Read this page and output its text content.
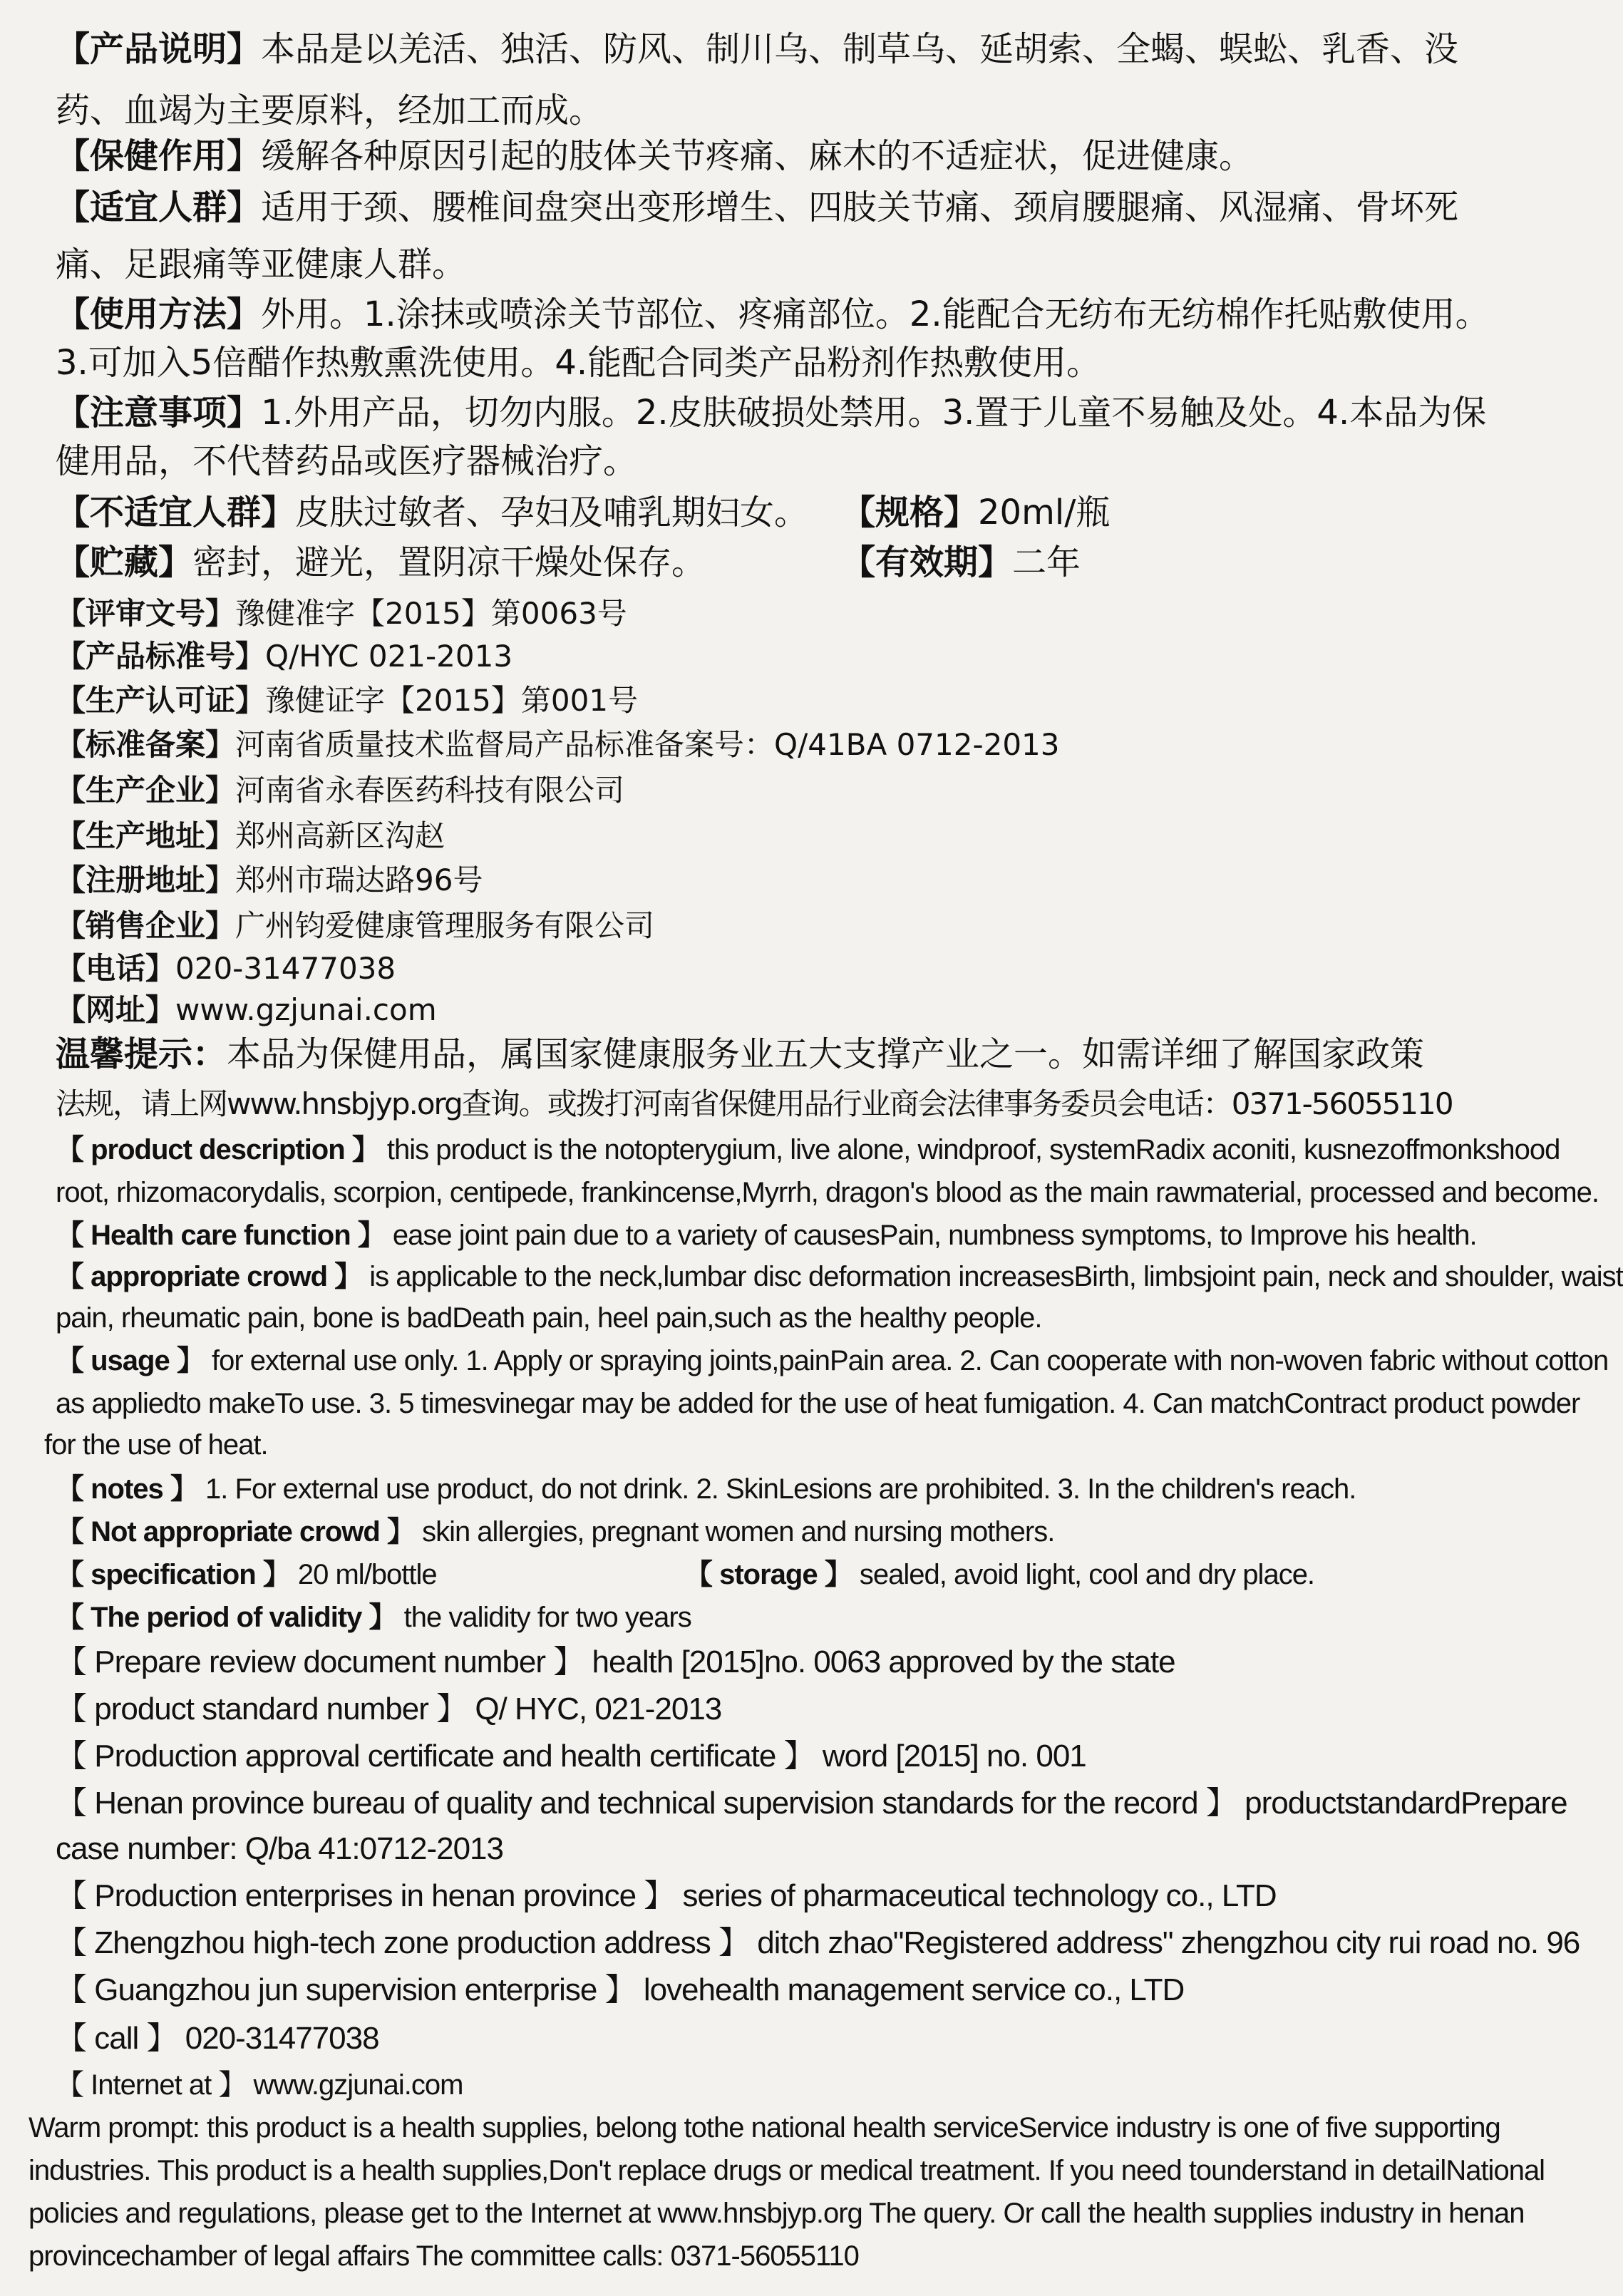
【产品说明】本品是以羌活、独活、防风、制川乌、制草乌、延胡索、全蝎、蜈蚣、乳香、没
药、血竭为主要原料，经加工而成。
【保健作用】缓解各种原因引起的肢体关节疼痛、麻木的不适症状，促进健康。
【适宜人群】适用于颈、腰椎间盘突出变形增生、四肢关节痛、颈肩腰腿痛、风湿痛、骨坏死
痛、足跟痛等亚健康人群。
【使用方法】外用。1.涂抹或喷涂关节部位、疼痛部位。2.能配合无纺布无纺棉作托贴敷使用。
3.可加入5倍醋作热敷熏洗使用。4.能配合同类产品粉剂作热敷使用。
【注意事项】1.外用产品，切勿内服。2.皮肤破损处禁用。3.置于儿童不易触及处。4.本品为保
健用品，不代替药品或医疗器械治疗。
【不适宜人群】皮肤过敏者、孕妇及哺乳期妇女。 【规格】20ml/瓶
【贮藏】密封，避光，置阴凉干燥处保存。	【有效期】二年
【评审文号】豫健准字【2015】第0063号
【产品标准号】Q/HYC 021-2013
【生产认可证】豫健证字【2015】第001号
【标准备案】河南省质量技术监督局产品标准备案号：Q/41BA 0712-2013
【生产企业】河南省永春医药科技有限公司
【生产地址】郑州高新区沟赵
【注册地址】郑州市瑞达路96号
【销售企业】广州钧爱健康管理服务有限公司
【电话】020-31477038
【网址】www.gzjunai.com
温馨提示：本品为保健用品，属国家健康服务业五大支撑产业之一。如需详细了解国家政策
法规，请上网www.hnsbjyp.org查询。或拨打河南省保健用品行业商会法律事务委员会电话：0371-56055110
【 product description 】 this product is the notopterygium, live alone, windproof, systemRadix aconiti, kusnezoffmonkshood
root, rhizomacorydalis, scorpion, centipede, frankincense,Myrrh, dragon's blood as the main rawmaterial, processed and become.
【 Health care function 】 ease joint pain due to a variety of causesPain, numbness symptoms, to Improve his health.
【 appropriate crowd 】 is applicable to the neck,lumbar disc deformation increasesBirth, limbsjoint pain, neck and shoulder, waist
pain, rheumatic pain, bone is badDeath pain, heel pain,such as the healthy people.
【 usage 】 for external use only. 1. Apply or spraying joints,painPain area. 2. Can cooperate with non-woven fabric without cotton
as appliedto makeTo use. 3. 5 timesvinegar may be added for the use of heat fumigation. 4. Can matchContract product powder
for the use of heat.
【 notes 】 1. For external use product, do not drink. 2. SkinLesions are prohibited. 3. In the children's reach.
【 Not appropriate crowd 】 skin allergies, pregnant women and nursing mothers.
【 specification 】 20 ml/bottle	【 storage 】 sealed, avoid light, cool and dry place.
【 The period of validity 】 the validity for two years
【 Prepare review document number 】 health [2015]no. 0063 approved by the state
【 product standard number 】 Q/ HYC, 021-2013
【 Production approval certificate and health certificate 】 word [2015] no. 001
【 Henan province bureau of quality and technical supervision standards for the record 】 productstandardPrepare
case number: Q/ba 41:0712-2013
【 Production enterprises in henan province 】 series of pharmaceutical technology co., LTD
【 Zhengzhou high-tech zone production address 】 ditch zhao"Registered address" zhengzhou city rui road no. 96
【 Guangzhou jun supervision enterprise 】 lovehealth management service co., LTD
【 call 】 020-31477038
【 Internet at 】 www.gzjunai.com
Warm prompt: this product is a health supplies, belong tothe national health serviceService industry is one of five supporting
industries. This product is a health supplies,Don't replace drugs or medical treatment. If you need tounderstand in detailNational
policies and regulations, please get to the Internet at www.hnsbjyp.org The query. Or call the health supplies industry in henan
provincechamber of legal affairs The committee calls: 0371-56055110
